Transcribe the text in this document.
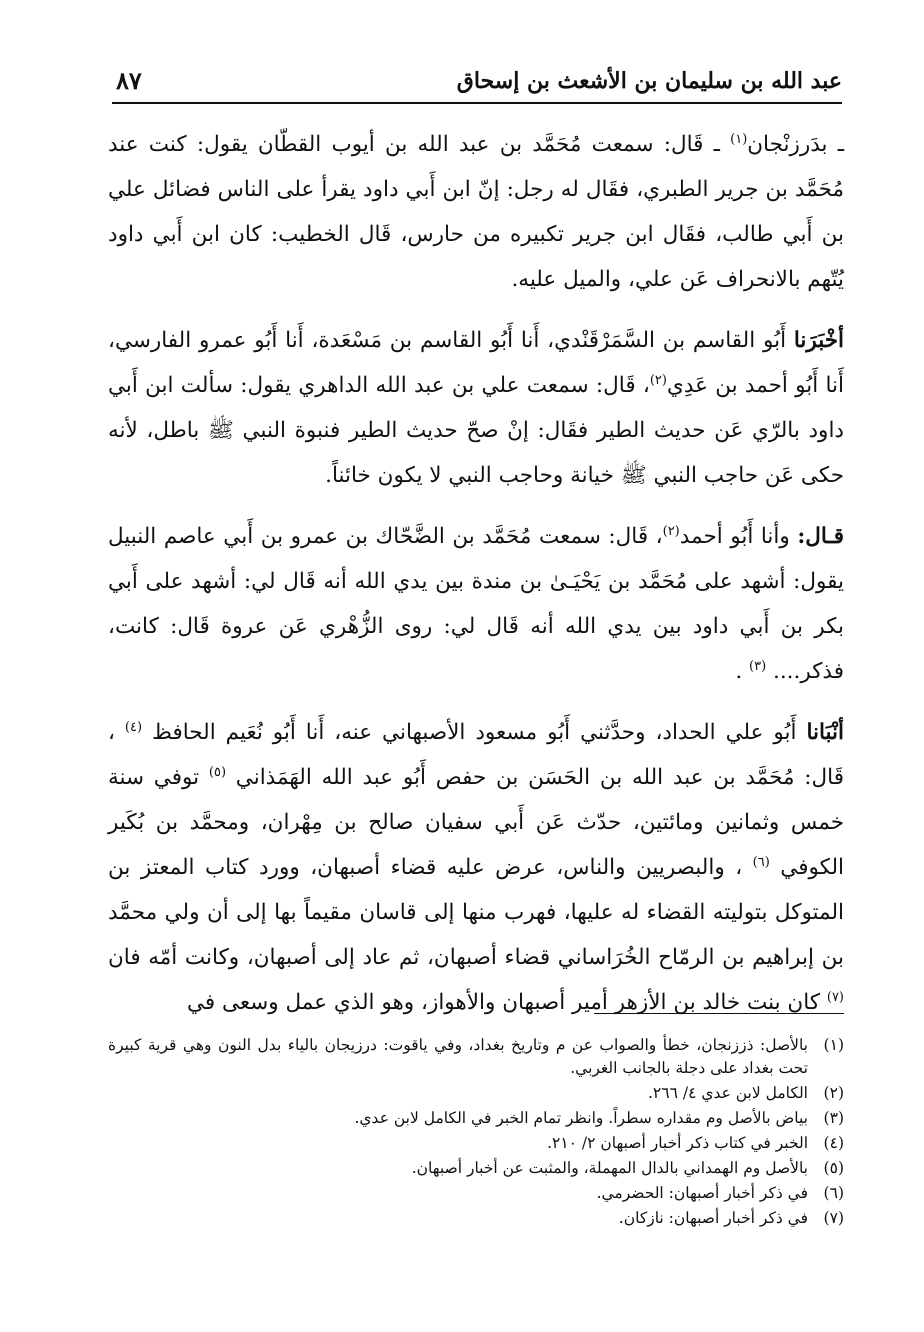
عبد الله بن سليمان بن الأشعث بن إسحاق
٨٧

ـ بدَرزنْجان$^{(١)}$ ـ قَال: سمعت مُحَمَّد بن عبد الله بن أيوب القطّان يقول: كنت عند مُحَمَّد بن جرير الطبري، فقَال له رجل: إنّ ابن أَبي داود يقرأ على الناس فضائل علي بن أَبي طالب، فقَال ابن جرير تكبيره من حارس، قَال الخطيب: كان ابن أَبي داود يُتّهم بالانحراف عَن علي، والميل عليه.

أخْبَرَنا أَبُو القاسم بن السَّمَرْقَنْدي، أَنا أَبُو القاسم بن مَسْعَدة، أَنا أَبُو عمرو الفارسي، أَنا أَبُو أحمد بن عَدِي$^{(٢)}$، قَال: سمعت علي بن عبد الله الداهري يقول: سألت ابن أَبي داود بالرّي عَن حديث الطير فقَال: إنْ صحّ حديث الطير فنبوة النبي ﷺ باطل، لأنه حكى عَن حاجب النبي ﷺ خيانة وحاجب النبي لا يكون خائناً.

قـال: وأنا أَبُو أحمد$^{(٢)}$، قَال: سمعت مُحَمَّد بن الضَّحّاك بن عمرو بن أَبي عاصم النبيل يقول: أشهد على مُحَمَّد بن يَحْيَـىٰ بن مندة بين يدي الله أنه قَال لي: أشهد على أَبي بكر بن أَبي داود بين يدي الله أنه قَال لي: روى الزُّهْري عَن عروة قَال: كانت، فذكر.... $^{(٣)}$ .

أنْبَانا أَبُو علي الحداد، وحدَّثني أَبُو مسعود الأصبهاني عنه، أَنا أَبُو نُعَيم الحافظ $^{(٤)}$ ، قَال: مُحَمَّد بن عبد الله بن الحَسَن بن حفص أَبُو عبد الله الهَمَذاني $^{(٥)}$ توفي سنة خمس وثمانين ومائتين، حدّث عَن أَبي سفيان صالح بن مِهْران، ومحمَّد بن بُكَير الكوفي $^{(٦)}$ ، والبصريين والناس، عرض عليه قضاء أصبهان، وورد كتاب المعتز بن المتوكل بتوليته القضاء له عليها، فهرب منها إلى قاسان مقيماً بها إلى أن ولي محمَّد بن إبراهيم بن الرمّاح الخُرَاساني قضاء أصبهان، ثم عاد إلى أصبهان، وكانت أمّه فان $^{(٧)}$ كان بنت خالد بن الأزهر أمير أصبهان والأهواز، وهو الذي عمل وسعى في

(١)
بالأصل: ذززنجان، خطأ والصواب عن م وتاريخ بغداد، وفي ياقوت: درزيجان بالياء بدل النون وهي قرية كبيرة تحت بغداد على دجلة بالجانب الغربي.
(٢)
الكامل لابن عدي ٤/ ٢٦٦.
(٣)
بياض بالأصل وم مقداره سطراً. وانظر تمام الخبر في الكامل لابن عدي.
(٤)
الخبر في كتاب ذكر أخبار أصبهان ٢/ ٢١٠.
(٥)
بالأصل وم الهمداني بالدال المهملة، والمثبت عن أخبار أصبهان.
(٦)
في ذكر أخبار أصبهان: الحضرمي.
(٧)
في ذكر أخبار أصبهان: نازكان.
